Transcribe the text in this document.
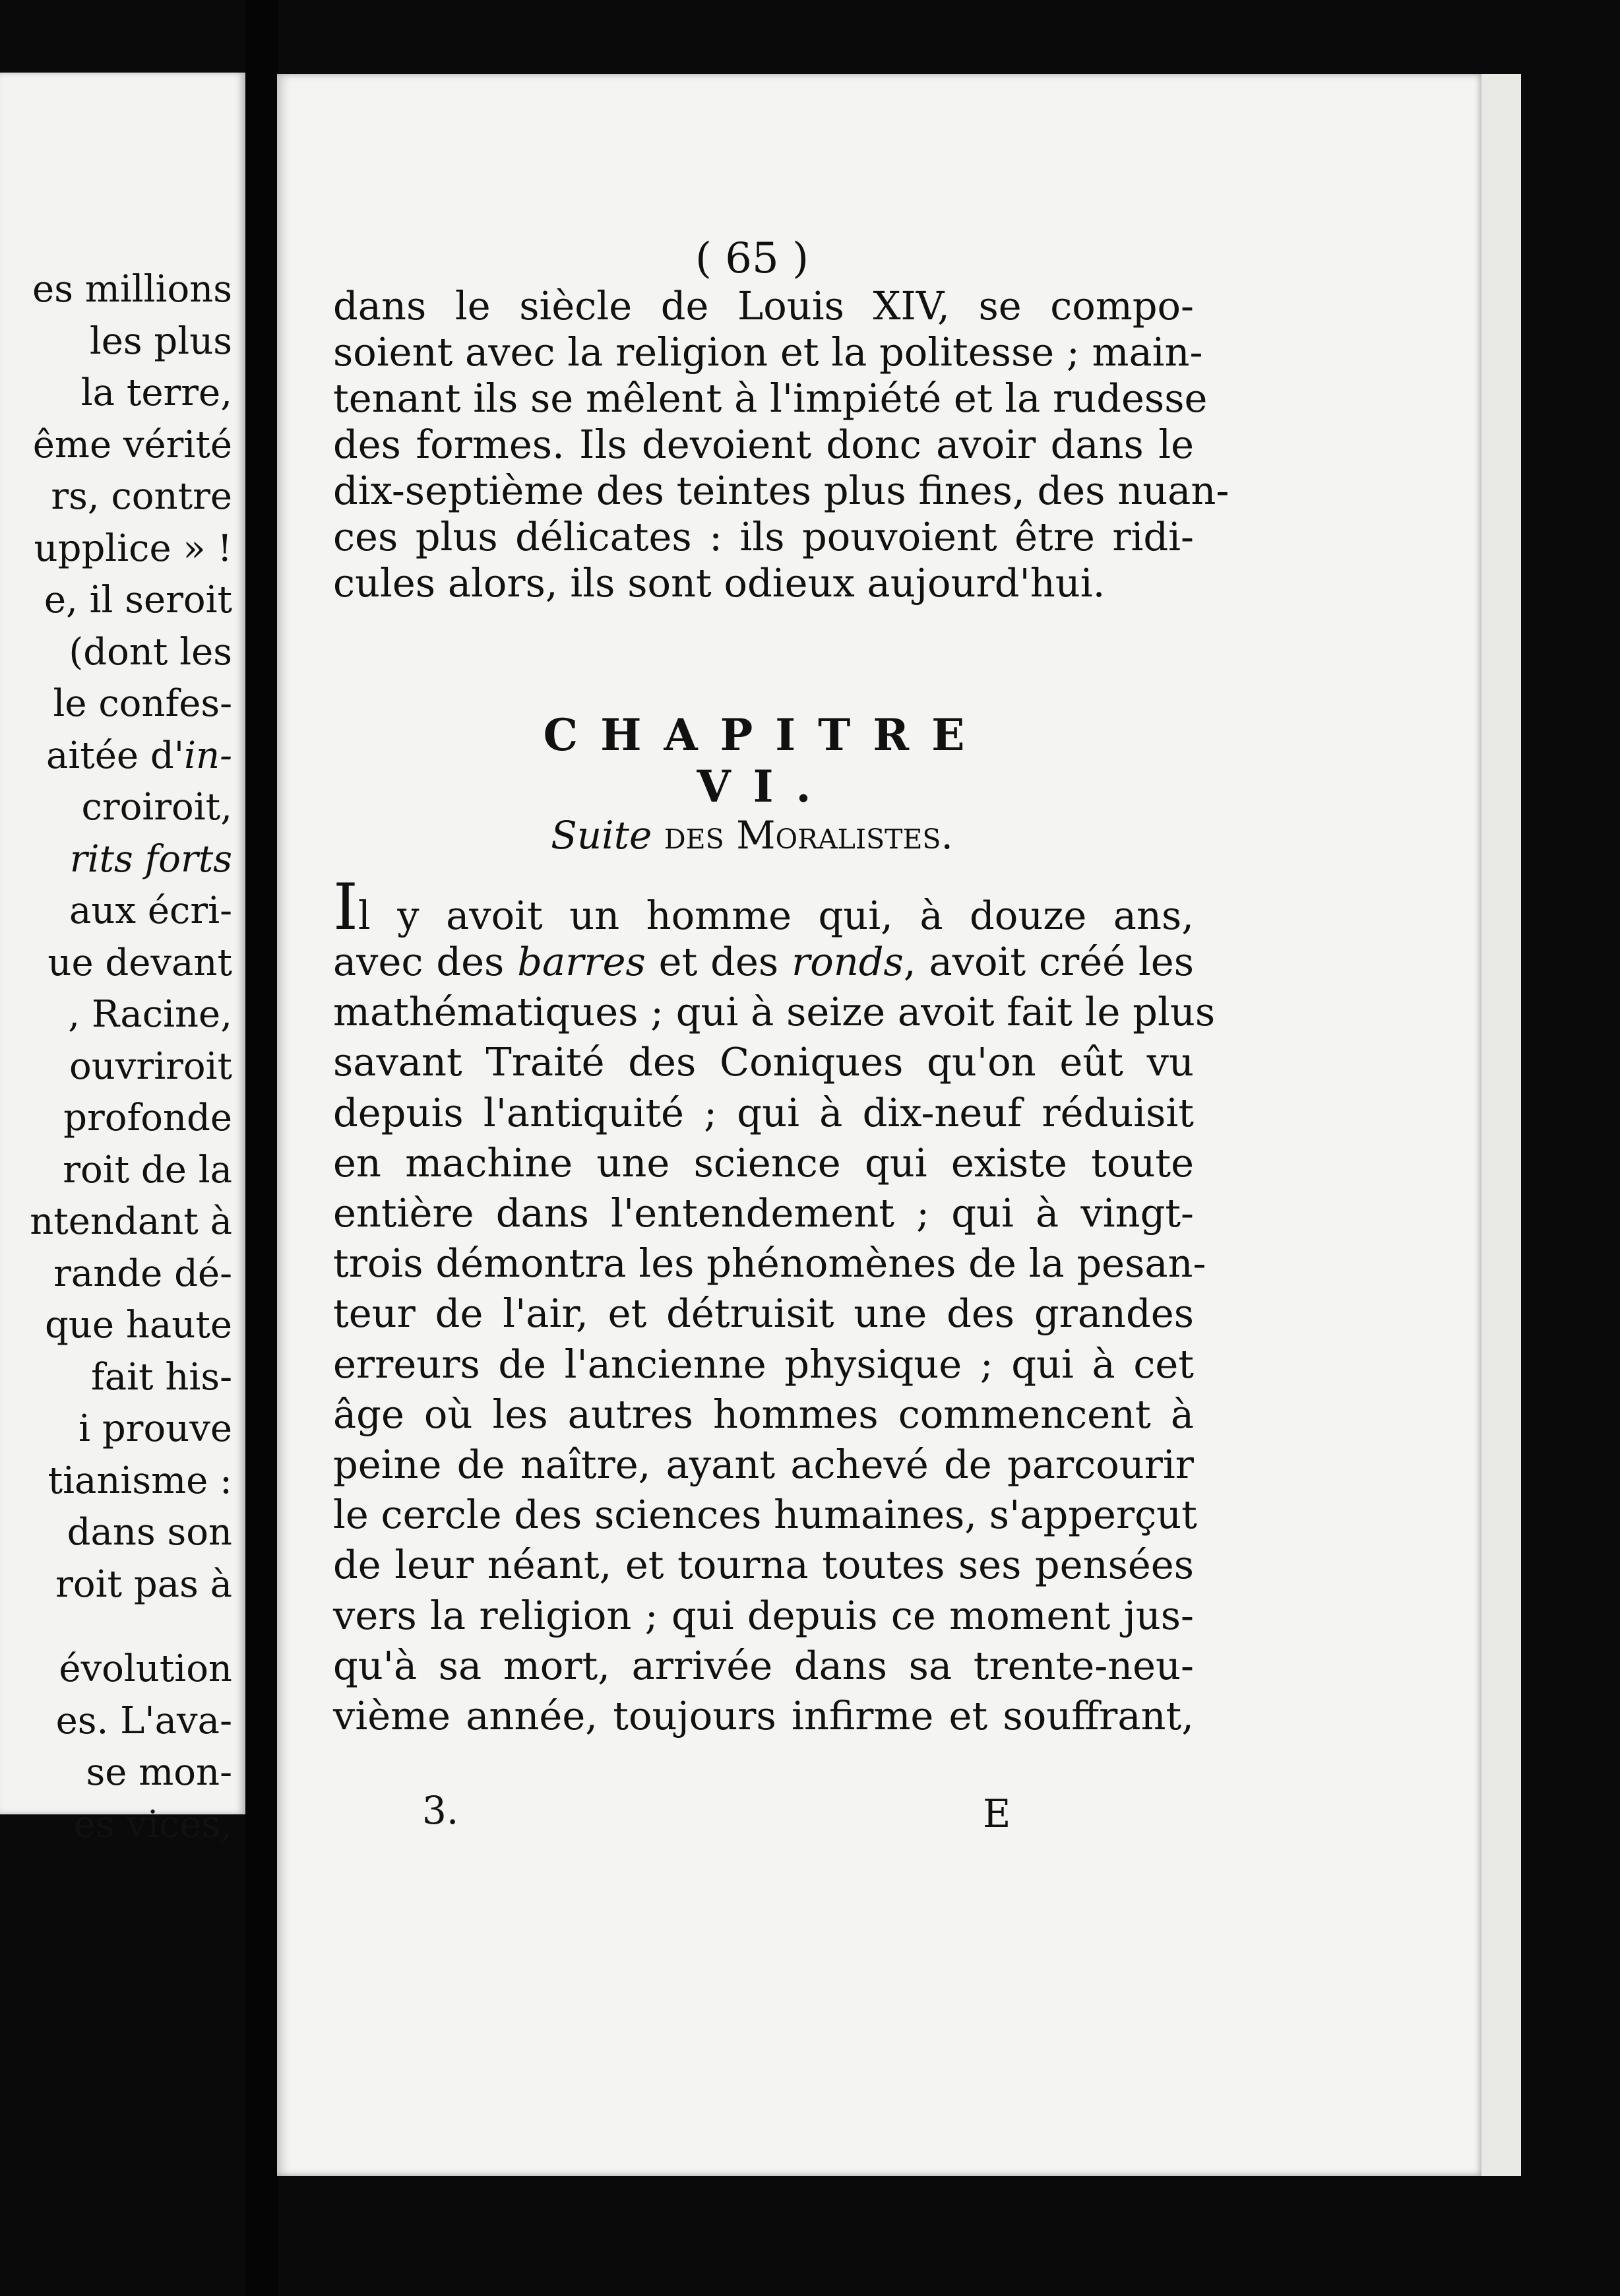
es millions
les plus
la terre,
ême vérité
rs, contre
upplice » !
e, il seroit
(dont les
le confes-
aitée d'in-
croiroit,
rits forts
aux écri-
ue devant
, Racine,
ouvriroit
profonde
roit de la
ntendant à
rande dé-
que haute
fait his-
i prouve
tianisme :
dans son
roit pas à
évolution
es. L'ava-
se mon-
es vices,
( 65 )
dans le siècle de Louis XIV, se compo-
soient avec la religion et la politesse ; main-
tenant ils se mêlent à l'impiété et la rudesse
des formes. Ils devoient donc avoir dans le
dix-septième des teintes plus fines, des nuan-
ces plus délicates : ils pouvoient être ridi-
cules alors, ils sont odieux aujourd'hui.
CHAPITRE VI.
Suite des Moralistes.
Il y avoit un homme qui, à douze ans,
avec des barres et des ronds, avoit créé les
mathématiques ; qui à seize avoit fait le plus
savant Traité des Coniques qu'on eût vu
depuis l'antiquité ; qui à dix-neuf réduisit
en machine une science qui existe toute
entière dans l'entendement ; qui à vingt-
trois démontra les phénomènes de la pesan-
teur de l'air, et détruisit une des grandes
erreurs de l'ancienne physique ; qui à cet
âge où les autres hommes commencent à
peine de naître, ayant achevé de parcourir
le cercle des sciences humaines, s'apperçut
de leur néant, et tourna toutes ses pensées
vers la religion ; qui depuis ce moment jus-
qu'à sa mort, arrivée dans sa trente-neu-
vième année, toujours infirme et souffrant,
3.	E
